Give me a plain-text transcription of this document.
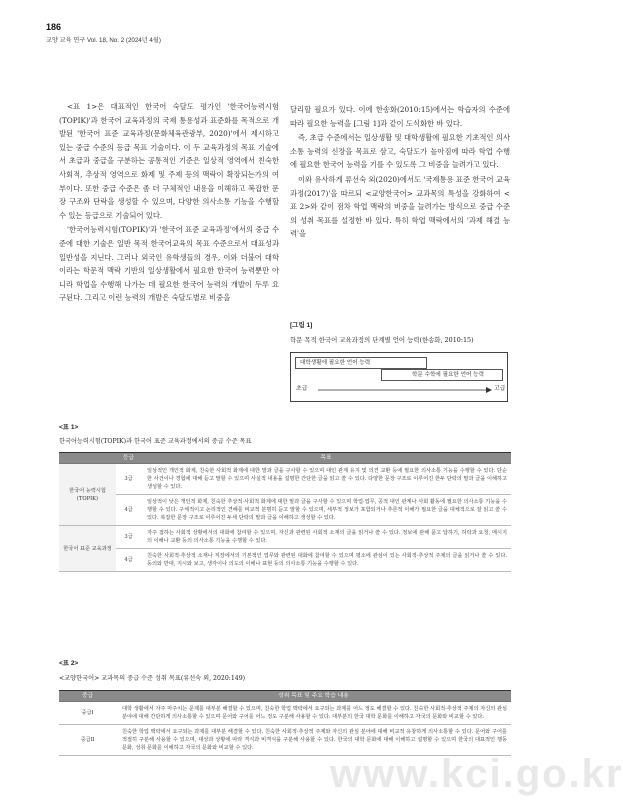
186
교양 교육 연구 Vol. 18, No. 2 (2024년 4월)

<표 1>은 대표적인 한국어 숙달도 평가인 '한국어능력시험(TOPIK)'과 한국어 교육과정의 국제 통용성과 표준화를 목적으로 개발된 '한국어 표준 교육과정(문화체육관광부, 2020)'에서 제시하고 있는 중급 수준의 등급 목표 기술이다. 이 두 교육과정의 목표 기술에서 초급과 중급을 구분하는 공통적인 기준은 일상적 영역에서 친숙한 사회적, 추상적 영역으로 화제 및 주제 등의 맥락이 확장되는가의 여부이다. 또한 중급 수준은 좀 더 구체적인 내용을 이해하고 복잡한 문장 구조와 단락을 생성할 수 있으며, 다양한 의사소통 기능을 수행할 수 있는 등급으로 기술되어 있다.

'한국어능력시험(TOPIK)'과 '한국어 표준 교육과정'에서의 중급 수준에 대한 기술은 일반 목적 한국어교육의 목표 수준으로서 대표성과 일반성을 지닌다. 그러나 외국인 유학생들의 경우, 이와 더불어 대학이라는 학문적 맥락 기반의 일상생활에서 필요한 한국어 능력뿐만 아니라 학업을 수행해 나가는 데 필요한 한국어 능력의 개발이 두루 요구된다. 그리고 이런 능력의 개발은 숙달도별로 비중을

달리할 필요가 있다. 이에 한송화(2010:15)에서는 학습자의 수준에 따라 필요한 능력을 [그림 1]과 같이 도식화한 바 있다.

즉, 초급 수준에서는 일상생활 및 대학생활에 필요한 기초적인 의사소통 능력의 신장을 목표로 삼고, 숙달도가 높아짐에 따라 학업 수행에 필요한 한국어 능력을 기를 수 있도록 그 비중을 늘려가고 있다.

이와 유사하게 류선숙 외(2020)에서도 '국제통용 표준 한국어 교육과정(2017)'을 따르되 <교양한국어> 교과목의 특성을 강화하여 <표 2>와 같이 점차 학업 맥락의 비중을 늘려가는 방식으로 중급 수준의 성취 목표를 설정한 바 있다. 특히 학업 맥락에서의 '과제 해결 능력'을

[그림 1]
학문 목적 한국어 교육과정의 단계별 언어 능력(한송화, 2010:15)
대학생활에 필요한 언어 능력
학문 수학에 필요한 언어 능력
초급	고급
<표 1>
한국어능력시험(TOPIK)과 한국어 표준 교육과정에서의 중급 수준 목표
	등급	목표
한국어 능력시험 (TOPIK)	3급	일상적인 개인적 화제, 친숙한 사회적 화제에 대한 말과 글을 구사할 수 있으며 대인 관계 유지 및 의견 교환 등에 필요한 의사소통 기능을 수행할 수 있다. 단순한 사건이나 경험에 대해 듣고 말할 수 있으며 사실적 내용을 설명한 간단한 글을 읽고 쓸 수 있다. 다양한 문장 구조로 이루어진 한두 단락의 말과 글을 이해하고 생성할 수 있다.
	4급	일상적이 낮은 개인적 화제, 친숙한 추상적·사회적 화제에 대한 말과 글을 구사할 수 있으며 학업·업무, 공적 대인 관계나 사회 활동에 필요한 의사소통 기능을 수행할 수 있다. 구체적이고 논리적인 견해를 비교적 분명히 듣고 말할 수 있으며, 세부적 정보가 포함되거나 추론적 이해가 필요한 글을 대체적으로 잘 읽고 쓸 수 있다. 복잡한 문장 구조로 이루어진 두세 단락의 말과 글을 이해하고 생성할 수 있다.
한국어 표준 교육과정	3급	자주 접하는 사회적 상황에서의 대화에 참여할 수 있으며, 자신과 관련된 사회적 소재의 글을 읽거나 쓸 수 있다. 정보에 관해 묻고 답하기, 허락과 요청, 메시지의 이해나 교환 등의 의사소통 기능을 수행할 수 있다.
	4급	친숙한 사회적·추상적 소재나 직장에서의 기본적인 업무와 관련된 대화에 참여할 수 있으며 평소에 관심이 있는 사회적·추상적 주제의 글을 읽거나 쓸 수 있다. 동의와 반대, 지시와 보고, 생각이나 의도의 이해나 표현 등의 의사소통 기능을 수행할 수 있다.
<표 2>
<교양한국어> 교과목의 중급 수준 성취 목표(류선숙 외, 2020:149)
중급	성취 목표 및 주요 학습 내용
중급Ⅰ	대학 생활에서 자주 마주치는 문제를 대부분 해결할 수 있으며, 친숙한 학업 맥락에서 요구되는 과제를 어느 정도 해결할 수 있다. 친숙한 사회적·추상적 주제의 자신의 관심 분야에 대해 간단하게 의사소통할 수 있으며 문어와 구어를 어느 정도 구분해 사용할 수 있다. 대부분의 한국 대학 문화를 이해하고 자국의 문화와 비교할 수 있다.
중급Ⅱ	친숙한 학업 맥락에서 요구되는 과제를 대부분 해결할 수 있다. 친숙한 사회적·추상적 주제와 자신의 관심 분야에 대해 비교적 유창하게 의사소통할 수 있다. 문어와 구어를 적절히 구분해 사용할 수 있으며, 대상과 상황에 따라 격식과 비격식을 구분해 사용할 수 있다. 한국의 대학 문화에 대해 이해하고 설명할 수 있으며 한국의 대표적인 행동 문화, 성취 문화를 이해하고 자국의 문화와 비교할 수 있다.
www.kci.go.kr
